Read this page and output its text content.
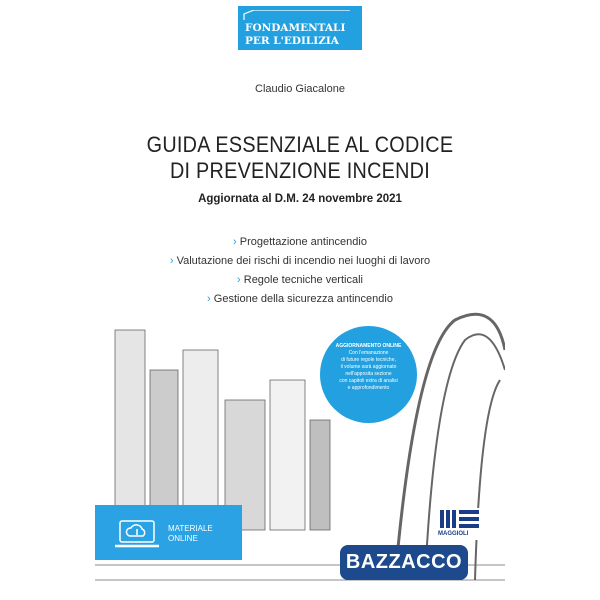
FONDAMENTALI
PER L'EDILIZIA
Claudio Giacalone
GUIDA ESSENZIALE AL CODICE
DI PREVENZIONE INCENDI
Aggiornata al D.M. 24 novembre 2021
› Progettazione antincendio
› Valutazione dei rischi di incendio nei luoghi di lavoro
› Regole tecniche verticali
› Gestione della sicurezza antincendio
AGGIORNAMENTO ONLINE
Con l'emanazione
di future regole tecniche,
il volume sarà aggiornato
nell'apposita sezione
con capitoli extra di analisi
e approfondimento
MATERIALE
ONLINE	MAGGIOLI
BAZZACCO
